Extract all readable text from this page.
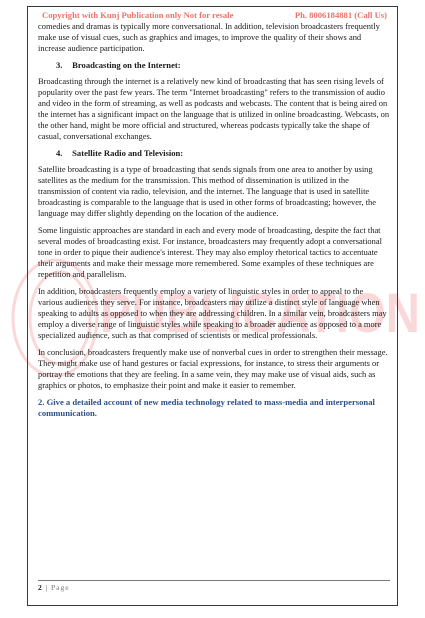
PUBLICATION
Copyright with Kunj Publication only Not for resale	Ph. 8006184881 (Call Us)

comedies and dramas is typically more conversational. In addition, television broadcasters frequently make use of visual cues, such as graphics and images, to improve the quality of their shows and increase audience participation.

3. Broadcasting on the Internet:

Broadcasting through the internet is a relatively new kind of broadcasting that has seen rising levels of popularity over the past few years. The term "Internet broadcasting" refers to the transmission of audio and video in the form of streaming, as well as podcasts and webcasts. The content that is being aired on the internet has a significant impact on the language that is utilized in online broadcasting. Webcasts, on the other hand, might be more official and structured, whereas podcasts typically take the shape of casual, conversational exchanges.

4. Satellite Radio and Television:

Satellite broadcasting is a type of broadcasting that sends signals from one area to another by using satellites as the medium for the transmission. This method of dissemination is utilized in the transmission of content via radio, television, and the internet. The language that is used in satellite broadcasting is comparable to the language that is used in other forms of broadcasting; however, the language may differ slightly depending on the location of the audience.

Some linguistic approaches are standard in each and every mode of broadcasting, despite the fact that several modes of broadcasting exist. For instance, broadcasters may frequently adopt a conversational tone in order to pique their audience's interest. They may also employ rhetorical tactics to accentuate their arguments and make their message more remembered. Some examples of these techniques are repetition and parallelism.

In addition, broadcasters frequently employ a variety of linguistic styles in order to appeal to the various audiences they serve. For instance, broadcasters may utilize a distinct style of language when speaking to adults as opposed to when they are addressing children. In a similar vein, broadcasters may employ a diverse range of linguistic styles while speaking to a broader audience as opposed to a more specialized audience, such as that comprised of scientists or medical professionals.

In conclusion, broadcasters frequently make use of nonverbal cues in order to strengthen their message. They might make use of hand gestures or facial expressions, for instance, to stress their arguments or portray the emotions that they are feeling. In a same vein, they may make use of visual aids, such as graphics or photos, to emphasize their point and make it easier to remember.

2. Give a detailed account of new media technology related to mass-media and interpersonal communication.

2 | Page
